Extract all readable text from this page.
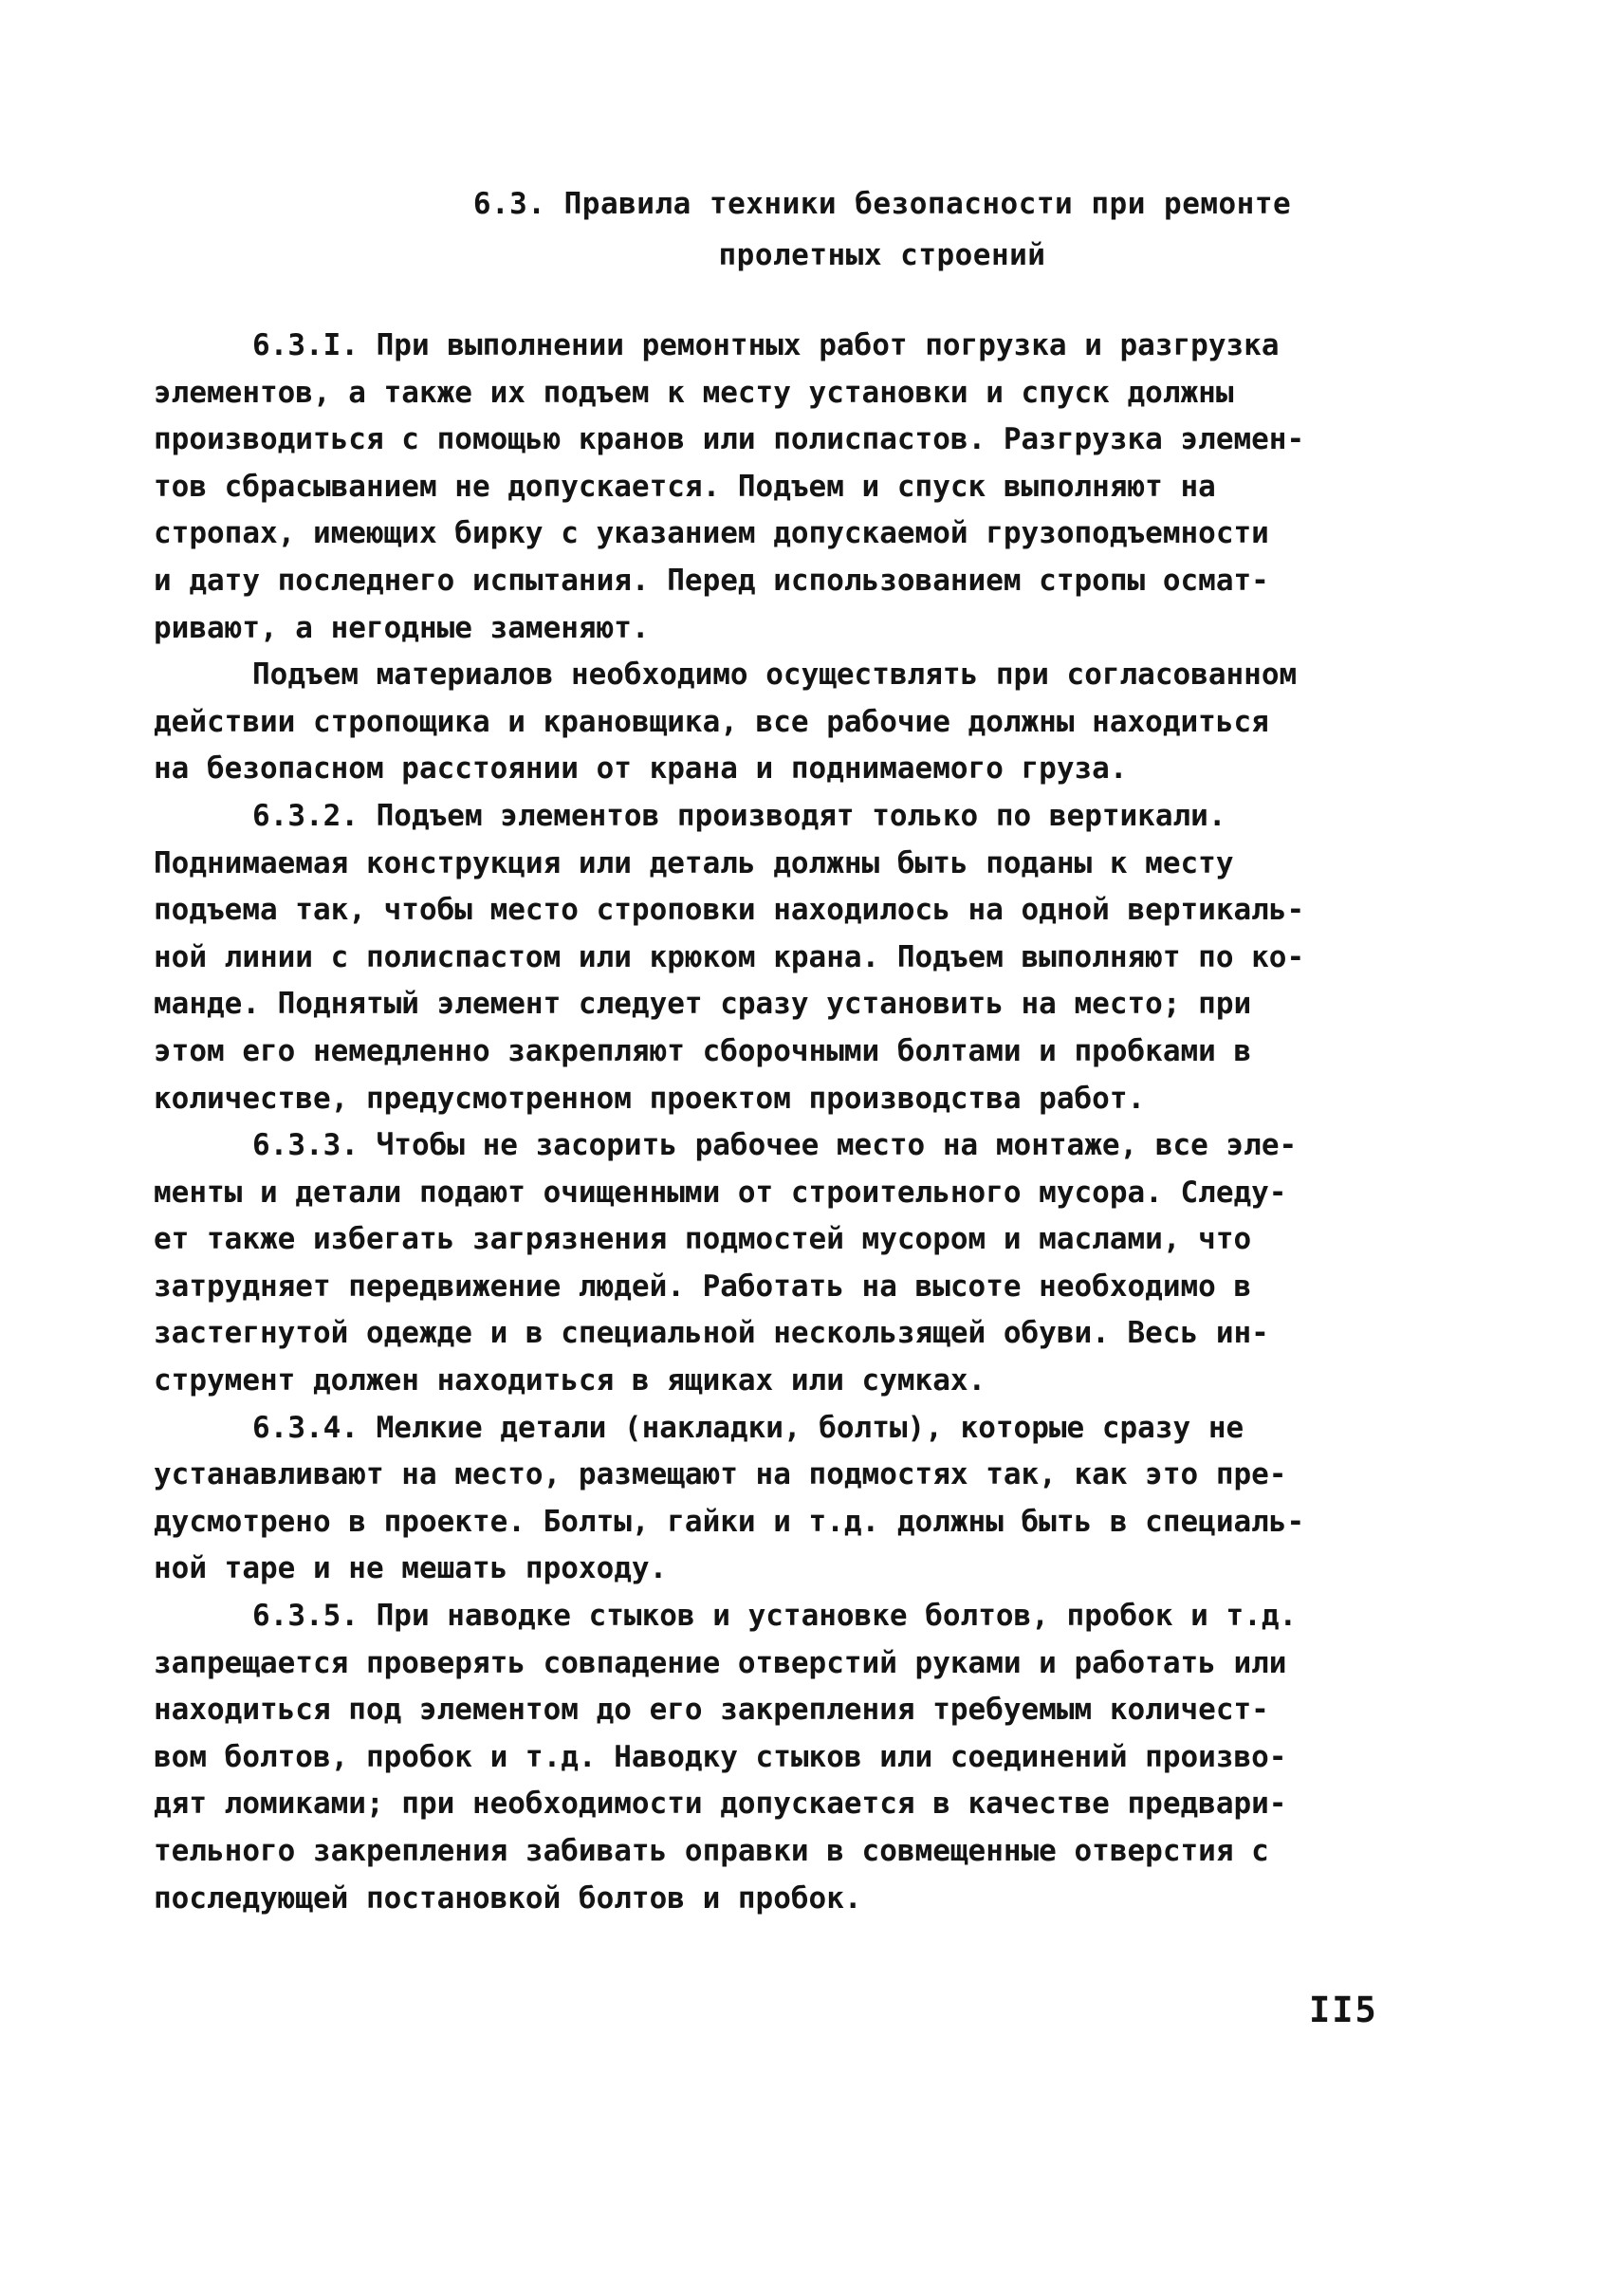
6.3. Правила техники безопасности при ремонте
пролетных строений
6.3.I. При выполнении ремонтных работ погрузка и разгрузка
элементов, а также их подъем к месту установки и спуск должны
производиться с помощью кранов или полиспастов. Разгрузка элемен-
тов сбрасыванием не допускается. Подъем и спуск выполняют на
стропах, имеющих бирку с указанием допускаемой грузоподъемности
и дату последнего испытания. Перед использованием стропы осмат-
ривают, а негодные заменяют.
Подъем материалов необходимо осуществлять при согласованном
действии стропощика и крановщика, все рабочие должны находиться
на безопасном расстоянии от крана и поднимаемого груза.
6.3.2. Подъем элементов производят только по вертикали.
Поднимаемая конструкция или деталь должны быть поданы к месту
подъема так, чтобы место строповки находилось на одной вертикаль-
ной линии с полиспастом или крюком крана. Подъем выполняют по ко-
манде. Поднятый элемент следует сразу установить на место; при
этом его немедленно закрепляют сборочными болтами и пробками в
количестве, предусмотренном проектом производства работ.
6.3.3. Чтобы не засорить рабочее место на монтаже, все эле-
менты и детали подают очищенными от строительного мусора. Следу-
ет также избегать загрязнения подмостей мусором и маслами, что
затрудняет передвижение людей. Работать на высоте необходимо в
застегнутой одежде и в специальной нескользящей обуви. Весь ин-
струмент должен находиться в ящиках или сумках.
6.3.4. Мелкие детали (накладки, болты), которые сразу не
устанавливают на место, размещают на подмостях так, как это пре-
дусмотрено в проекте. Болты, гайки и т.д. должны быть в специаль-
ной таре и не мешать проходу.
6.3.5. При наводке стыков и установке болтов, пробок и т.д.
запрещается проверять совпадение отверстий руками и работать или
находиться под элементом до его закрепления требуемым количест-
вом болтов, пробок и т.д. Наводку стыков или соединений произво-
дят ломиками; при необходимости допускается в качестве предвари-
тельного закрепления забивать оправки в совмещенные отверстия с
последующей постановкой болтов и пробок.
II5
